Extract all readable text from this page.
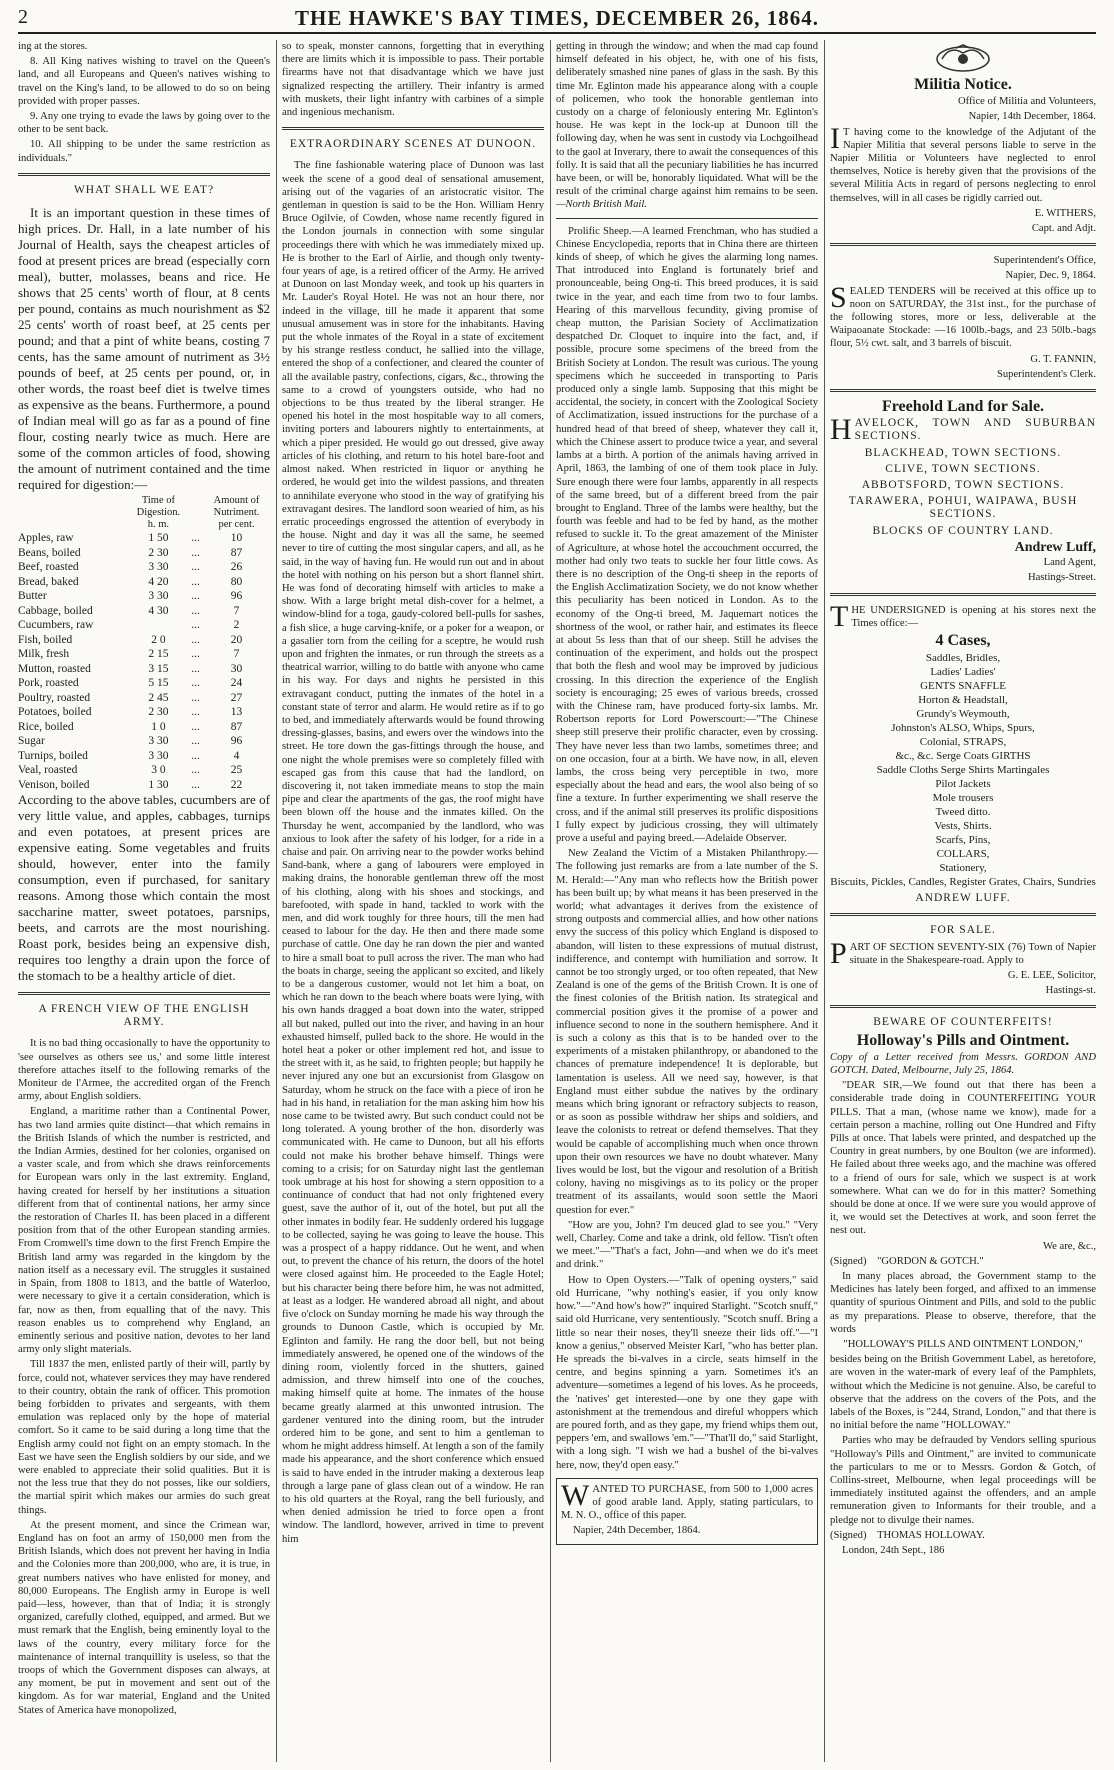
2	THE HAWKE'S BAY TIMES, DECEMBER 26, 1864.

ing at the stores.

8. All King natives wishing to travel on the Queen's land, and all Europeans and Queen's natives wishing to travel on the King's land, to be allowed to do so on being provided with proper passes.

9. Any one trying to evade the laws by going over to the other to be sent back.

10. All shipping to be under the same restriction as individuals."

WHAT SHALL WE EAT?

It is an important question in these times of high prices. Dr. Hall, in a late number of his Journal of Health, says the cheapest articles of food at present prices are bread (especially corn meal), butter, molasses, beans and rice. He shows that 25 cents' worth of flour, at 8 cents per pound, contains as much nourishment as $2 25 cents' worth of roast beef, at 25 cents per pound; and that a pint of white beans, costing 7 cents, has the same amount of nutriment as 3½ pounds of beef, at 25 cents per pound, or, in other words, the roast beef diet is twelve times as expensive as the beans. Furthermore, a pound of Indian meal will go as far as a pound of fine flour, costing nearly twice as much. Here are some of the common articles of food, showing the amount of nutriment contained and the time required for digestion:—

	Time of Digestion.		Amount of Nutriment.
	h. m.		per cent.
Apples, raw	1 50	...	10
Beans, boiled	2 30	...	87
Beef, roasted	3 30	...	26
Bread, baked	4 20	...	80
Butter	3 30	...	96
Cabbage, boiled	4 30	...	7
Cucumbers, raw		...	2
Fish, boiled	2 0	...	20
Milk, fresh	2 15	...	7
Mutton, roasted	3 15	...	30
Pork, roasted	5 15	...	24
Poultry, roasted	2 45	...	27
Potatoes, boiled	2 30	...	13
Rice, boiled	1 0	...	87
Sugar	3 30	...	96
Turnips, boiled	3 30	...	4
Veal, roasted	3 0	...	25
Venison, boiled	1 30	...	22

According to the above tables, cucumbers are of very little value, and apples, cabbages, turnips and even potatoes, at present prices are expensive eating. Some vegetables and fruits should, however, enter into the family consumption, even if purchased, for sanitary reasons. Among those which contain the most saccharine matter, sweet potatoes, parsnips, beets, and carrots are the most nourishing. Roast pork, besides being an expensive dish, requires too lengthy a drain upon the force of the stomach to be a healthy article of diet.

A FRENCH VIEW OF THE ENGLISH ARMY.

It is no bad thing occasionally to have the opportunity to 'see ourselves as others see us,' and some little interest therefore attaches itself to the following remarks of the Moniteur de l'Armee, the accredited organ of the French army, about English soldiers.

England, a maritime rather than a Continental Power, has two land armies quite distinct—that which remains in the British Islands of which the number is restricted, and the Indian Armies, destined for her colonies, organised on a vaster scale, and from which she draws reinforcements for European wars only in the last extremity. England, having created for herself by her institutions a situation different from that of continental nations, her army since the restoration of Charles II. has been placed in a different position from that of the other European standing armies. From Cromwell's time down to the first French Empire the British land army was regarded in the kingdom by the nation itself as a necessary evil. The struggles it sustained in Spain, from 1808 to 1813, and the battle of Waterloo, were necessary to give it a certain consideration, which is far, now as then, from equalling that of the navy. This reason enables us to comprehend why England, an eminently serious and positive nation, devotes to her land army only slight materials.

Till 1837 the men, enlisted partly of their will, partly by force, could not, whatever services they may have rendered to their country, obtain the rank of officer. This promotion being forbidden to privates and sergeants, with them emulation was replaced only by the hope of material comfort. So it came to be said during a long time that the English army could not fight on an empty stomach. In the East we have seen the English soldiers by our side, and we were enabled to appreciate their solid qualities. But it is not the less true that they do not posses, like our soldiers, the martial spirit which makes our armies do such great things.

At the present moment, and since the Crimean war, England has on foot an army of 150,000 men from the British Islands, which does not prevent her having in India and the Colonies more than 200,000, who are, it is true, in great numbers natives who have enlisted for money, and 80,000 Europeans. The English army in Europe is well paid—less, however, than that of India; it is strongly organized, carefully clothed, equipped, and armed. But we must remark that the English, being eminently loyal to the laws of the country, every military force for the maintenance of internal tranquillity is useless, so that the troops of which the Government disposes can always, at any moment, be put in movement and sent out of the kingdom. As for war material, England and the United States of America have monopolized,

so to speak, monster cannons, forgetting that in everything there are limits which it is impossible to pass. Their portable firearms have not that disadvantage which we have just signalized respecting the artillery. Their infantry is armed with muskets, their light infantry with carbines of a simple and ingenious mechanism.

EXTRAORDINARY SCENES AT DUNOON.

The fine fashionable watering place of Dunoon was last week the scene of a good deal of sensational amusement, arising out of the vagaries of an aristocratic visitor. The gentleman in question is said to be the Hon. William Henry Bruce Ogilvie, of Cowden, whose name recently figured in the London journals in connection with some singular proceedings there with which he was immediately mixed up. He is brother to the Earl of Airlie, and though only twenty-four years of age, is a retired officer of the Army. He arrived at Dunoon on last Monday week, and took up his quarters in Mr. Lauder's Royal Hotel. He was not an hour there, nor indeed in the village, till he made it apparent that some unusual amusement was in store for the inhabitants. Having put the whole inmates of the Royal in a state of excitement by his strange restless conduct, he sallied into the village, entered the shop of a confectioner, and cleared the counter of all the available pastry, confections, cigars, &c., throwing the same to a crowd of youngsters outside, who had no objections to be thus treated by the liberal stranger. He opened his hotel in the most hospitable way to all comers, inviting porters and labourers nightly to entertainments, at which a piper presided. He would go out dressed, give away articles of his clothing, and return to his hotel bare-foot and almost naked. When restricted in liquor or anything he ordered, he would get into the wildest passions, and threaten to annihilate everyone who stood in the way of gratifying his extravagant desires. The landlord soon wearied of him, as his erratic proceedings engrossed the attention of everybody in the house. Night and day it was all the same, he seemed never to tire of cutting the most singular capers, and all, as he said, in the way of having fun. He would run out and in about the hotel with nothing on his person but a short flannel shirt. He was fond of decorating himself with articles to make a show. With a large bright metal dish-cover for a helmet, a window-blind for a toga, gaudy-colored bell-pulls for sashes, a fish slice, a huge carving-knife, or a poker for a weapon, or a gasalier torn from the ceiling for a sceptre, he would rush upon and frighten the inmates, or run through the streets as a theatrical warrior, willing to do battle with anyone who came in his way. For days and nights he persisted in this extravagant conduct, putting the inmates of the hotel in a constant state of terror and alarm. He would retire as if to go to bed, and immediately afterwards would be found throwing dressing-glasses, basins, and ewers over the windows into the street. He tore down the gas-fittings through the house, and one night the whole premises were so completely filled with escaped gas from this cause that had the landlord, on discovering it, not taken immediate means to stop the main pipe and clear the apartments of the gas, the roof might have been blown off the house and the inmates killed. On the Thursday he went, accompanied by the landlord, who was anxious to look after the safety of his lodger, for a ride in a chaise and pair. On arriving near to the powder works behind Sand-bank, where a gang of labourers were employed in making drains, the honorable gentleman threw off the most of his clothing, along with his shoes and stockings, and barefooted, with spade in hand, tackled to work with the men, and did work toughly for three hours, till the men had ceased to labour for the day. He then and there made some purchase of cattle. One day he ran down the pier and wanted to hire a small boat to pull across the river. The man who had the boats in charge, seeing the applicant so excited, and likely to be a dangerous customer, would not let him a boat, on which he ran down to the beach where boats were lying, with his own hands dragged a boat down into the water, stripped all but naked, pulled out into the river, and having in an hour exhausted himself, pulled back to the shore. He would in the hotel heat a poker or other implement red hot, and issue to the street with it, as he said, to frighten people; but happily he never injured any one but an excursionist from Glasgow on Saturday, whom he struck on the face with a piece of iron he had in his hand, in retaliation for the man asking him how his nose came to be twisted awry. But such conduct could not be long tolerated. A young brother of the hon. disorderly was communicated with. He came to Dunoon, but all his efforts could not make his brother behave himself. Things were coming to a crisis; for on Saturday night last the gentleman took umbrage at his host for showing a stern opposition to a continuance of conduct that had not only frightened every guest, save the author of it, out of the hotel, but put all the other inmates in bodily fear. He suddenly ordered his luggage to be collected, saying he was going to leave the house. This was a prospect of a happy riddance. Out he went, and when out, to prevent the chance of his return, the doors of the hotel were closed against him. He proceeded to the Eagle Hotel; but his character being there before him, he was not admitted, at least as a lodger. He wandered abroad all night, and about five o'clock on Sunday morning he made his way through the grounds to Dunoon Castle, which is occupied by Mr. Eglinton and family. He rang the door bell, but not being immediately answered, he opened one of the windows of the dining room, violently forced in the shutters, gained admission, and threw himself into one of the couches, making himself quite at home. The inmates of the house became greatly alarmed at this unwonted intrusion. The gardener ventured into the dining room, but the intruder ordered him to be gone, and sent to him a gentleman to whom he might address himself. At length a son of the family made his appearance, and the short conference which ensued is said to have ended in the intruder making a dexterous leap through a large pane of glass clean out of a window. He ran to his old quarters at the Royal, rang the bell furiously, and when denied admission he tried to force open a front window. The landlord, however, arrived in time to prevent him

getting in through the window; and when the mad cap found himself defeated in his object, he, with one of his fists, deliberately smashed nine panes of glass in the sash. By this time Mr. Eglinton made his appearance along with a couple of policemen, who took the honorable gentleman into custody on a charge of feloniously entering Mr. Eglinton's house. He was kept in the lock-up at Dunoon till the following day, when he was sent in custody via Lochgoilhead to the gaol at Inverary, there to await the consequences of this folly. It is said that all the pecuniary liabilities he has incurred have been, or will be, honorably liquidated. What will be the result of the criminal charge against him remains to be seen.—North British Mail.

Prolific Sheep.—A learned Frenchman, who has studied a Chinese Encyclopedia, reports that in China there are thirteen kinds of sheep, of which he gives the alarming long names. That introduced into England is fortunately brief and pronounceable, being Ong-ti. This breed produces, it is said twice in the year, and each time from two to four lambs. Hearing of this marvellous fecundity, giving promise of cheap mutton, the Parisian Society of Acclimatization despatched Dr. Cloquet to inquire into the fact, and, if possible, procure some specimens of the breed from the British Society at London. The result was curious. The young specimens which he succeeded in transporting to Paris produced only a single lamb. Supposing that this might be accidental, the society, in concert with the Zoological Society of Acclimatization, issued instructions for the purchase of a hundred head of that breed of sheep, whatever they call it, which the Chinese assert to produce twice a year, and several lambs at a birth. A portion of the animals having arrived in April, 1863, the lambing of one of them took place in July. Sure enough there were four lambs, apparently in all respects of the same breed, but of a different breed from the pair brought to England. Three of the lambs were healthy, but the fourth was feeble and had to be fed by hand, as the mother refused to suckle it. To the great amazement of the Minister of Agriculture, at whose hotel the accouchment occurred, the mother had only two teats to suckle her four little cows. As there is no description of the Ong-ti sheep in the reports of the English Acclimatization Society, we do not know whether this peculiarity has been noticed in London. As to the economy of the Ong-ti breed, M. Jaquemart notices the shortness of the wool, or rather hair, and estimates its fleece at about 5s less than that of our sheep. Still he advises the continuation of the experiment, and holds out the prospect that both the flesh and wool may be improved by judicious crossing. In this direction the experience of the English society is encouraging; 25 ewes of various breeds, crossed with the Chinese ram, have produced forty-six lambs. Mr. Robertson reports for Lord Powerscourt:—"The Chinese sheep still preserve their prolific character, even by crossing. They have never less than two lambs, sometimes three; and on one occasion, four at a birth. We have now, in all, eleven lambs, the cross being very perceptible in two, more especially about the head and ears, the wool also being of so fine a texture. In further experimenting we shall reserve the cross, and if the animal still preserves its prolific dispositions I fully expect by judicious crossing, they will ultimately prove a useful and paying breed.—Adelaide Observer.

New Zealand the Victim of a Mistaken Philanthropy.—The following just remarks are from a late number of the S. M. Herald:—"Any man who reflects how the British power has been built up; by what means it has been preserved in the world; what advantages it derives from the existence of strong outposts and commercial allies, and how other nations envy the success of this policy which England is disposed to abandon, will listen to these expressions of mutual distrust, indifference, and contempt with humiliation and sorrow. It cannot be too strongly urged, or too often repeated, that New Zealand is one of the gems of the British Crown. It is one of the finest colonies of the British nation. Its strategical and commercial position gives it the promise of a power and influence second to none in the southern hemisphere. And it is such a colony as this that is to be handed over to the experiments of a mistaken philanthropy, or abandoned to the chances of premature independence! It is deplorable, but lamentation is useless. All we need say, however, is that England must either subdue the natives by the ordinary means which bring ignorant or refractory subjects to reason, or as soon as possible withdraw her ships and soldiers, and leave the colonists to retreat or defend themselves. That they would be capable of accomplishing much when once thrown upon their own resources we have no doubt whatever. Many lives would be lost, but the vigour and resolution of a British colony, having no misgivings as to its policy or the proper treatment of its assailants, would soon settle the Maori question for ever."

"How are you, John? I'm deuced glad to see you." "Very well, Charley. Come and take a drink, old fellow. 'Tisn't often we meet."—"That's a fact, John—and when we do it's meet and drink."

How to Open Oysters.—"Talk of opening oysters," said old Hurricane, "why nothing's easier, if you only know how."—"And how's how?" inquired Starlight. "Scotch snuff," said old Hurricane, very sententiously. "Scotch snuff. Bring a little so near their noses, they'll sneeze their lids off."—"I know a genius," observed Meister Karl, "who has better plan. He spreads the bi-valves in a circle, seats himself in the centre, and begins spinning a yarn. Sometimes it's an adventure—sometimes a legend of his loves. As he proceeds, the 'natives' get interested—one by one they gape with astonishment at the tremendous and direful whoppers which are poured forth, and as they gape, my friend whips them out, peppers 'em, and swallows 'em."—"That'll do," said Starlight, with a long sigh. "I wish we had a bushel of the bi-valves here, now, they'd open easy."

WANTED TO PURCHASE, from 500 to 1,000 acres of good arable land. Apply, stating particulars, to M. N. O., office of this paper.

Napier, 24th December, 1864.

Militia Notice.

Office of Militia and Volunteers,

Napier, 14th December, 1864.

I T having come to the knowledge of the Adjutant of the Napier Militia that several persons liable to serve in the Napier Militia or Volunteers have neglected to enrol themselves, Notice is hereby given that the provisions of the several Militia Acts in regard of persons neglecting to enrol themselves, will in all cases be rigidly carried out.

E. WITHERS,

Capt. and Adjt.

Superintendent's Office,

Napier, Dec. 9, 1864.

SEALED TENDERS will be received at this office up to noon on SATURDAY, the 31st inst., for the purchase of the following stores, more or less, deliverable at the Waipaoanate Stockade: —16 100lb.-bags, and 23 50lb.-bags flour, 5½ cwt. salt, and 3 barrels of biscuit.

G. T. FANNIN,

Superintendent's Clerk.

Freehold Land for Sale.

HAVELOCK, TOWN AND SUBURBAN SECTIONS.

BLACKHEAD, TOWN SECTIONS.
CLIVE, TOWN SECTIONS.
ABBOTSFORD, TOWN SECTIONS.
TARAWERA, POHUI, WAIPAWA, BUSH SECTIONS.
BLOCKS OF COUNTRY LAND.

Andrew Luff,

Land Agent,

Hastings-Street.

THE UNDERSIGNED is opening at his stores next the Times office:—

4 Cases,
Saddles, Bridles,
Ladies' Ladies'
GENTS SNAFFLE
Horton & Headstall,
Grundy's Weymouth,
Johnston's ALSO, Whips, Spurs,
Colonial, STRAPS,
&c., &c. Serge Coats GIRTHS
Saddle Cloths Serge Shirts Martingales
Pilot Jackets
Mole trousers
Tweed ditto.
Vests, Shirts.
Scarfs, Pins,
COLLARS,
Stationery,
Biscuits, Pickles, Candles, Register Grates, Chairs, Sundries
ANDREW LUFF.
FOR SALE.

PART OF SECTION SEVENTY-SIX (76) Town of Napier situate in the Shakespeare-road. Apply to

G. E. LEE, Solicitor,

Hastings-st.

BEWARE OF COUNTERFEITS!
Holloway's Pills and Ointment.

Copy of a Letter received from Messrs. GORDON AND GOTCH. Dated, Melbourne, July 25, 1864.

"DEAR SIR,—We found out that there has been a considerable trade doing in COUNTERFEITING YOUR PILLS. That a man, (whose name we know), made for a certain person a machine, rolling out One Hundred and Fifty Pills at once. That labels were printed, and despatched up the Country in great numbers, by one Boulton (we are informed). He failed about three weeks ago, and the machine was offered to a friend of ours for sale, which we suspect is at work somewhere. What can we do for in this matter? Something should be done at once. If we were sure you would approve of it, we would set the Detectives at work, and soon ferret the nest out.

We are, &c.,

(Signed) "GORDON & GOTCH."

In many places abroad, the Government stamp to the Medicines has lately been forged, and affixed to an immense quantity of spurious Ointment and Pills, and sold to the public as my preparations. Please to observe, therefore, that the words

"HOLLOWAY'S PILLS AND OINTMENT LONDON,"

besides being on the British Government Label, as heretofore, are woven in the water-mark of every leaf of the Pamphlets, without which the Medicine is not genuine. Also, be careful to observe that the address on the covers of the Pots, and the labels of the Boxes, is "244, Strand, London," and that there is no initial before the name "HOLLOWAY."

Parties who may be defrauded by Vendors selling spurious "Holloway's Pills and Ointment," are invited to communicate the particulars to me or to Messrs. Gordon & Gotch, of Collins-street, Melbourne, when legal proceedings will be immediately instituted against the offenders, and an ample remuneration given to Informants for their trouble, and a pledge not to divulge their names.

(Signed) THOMAS HOLLOWAY.

London, 24th Sept., 186
